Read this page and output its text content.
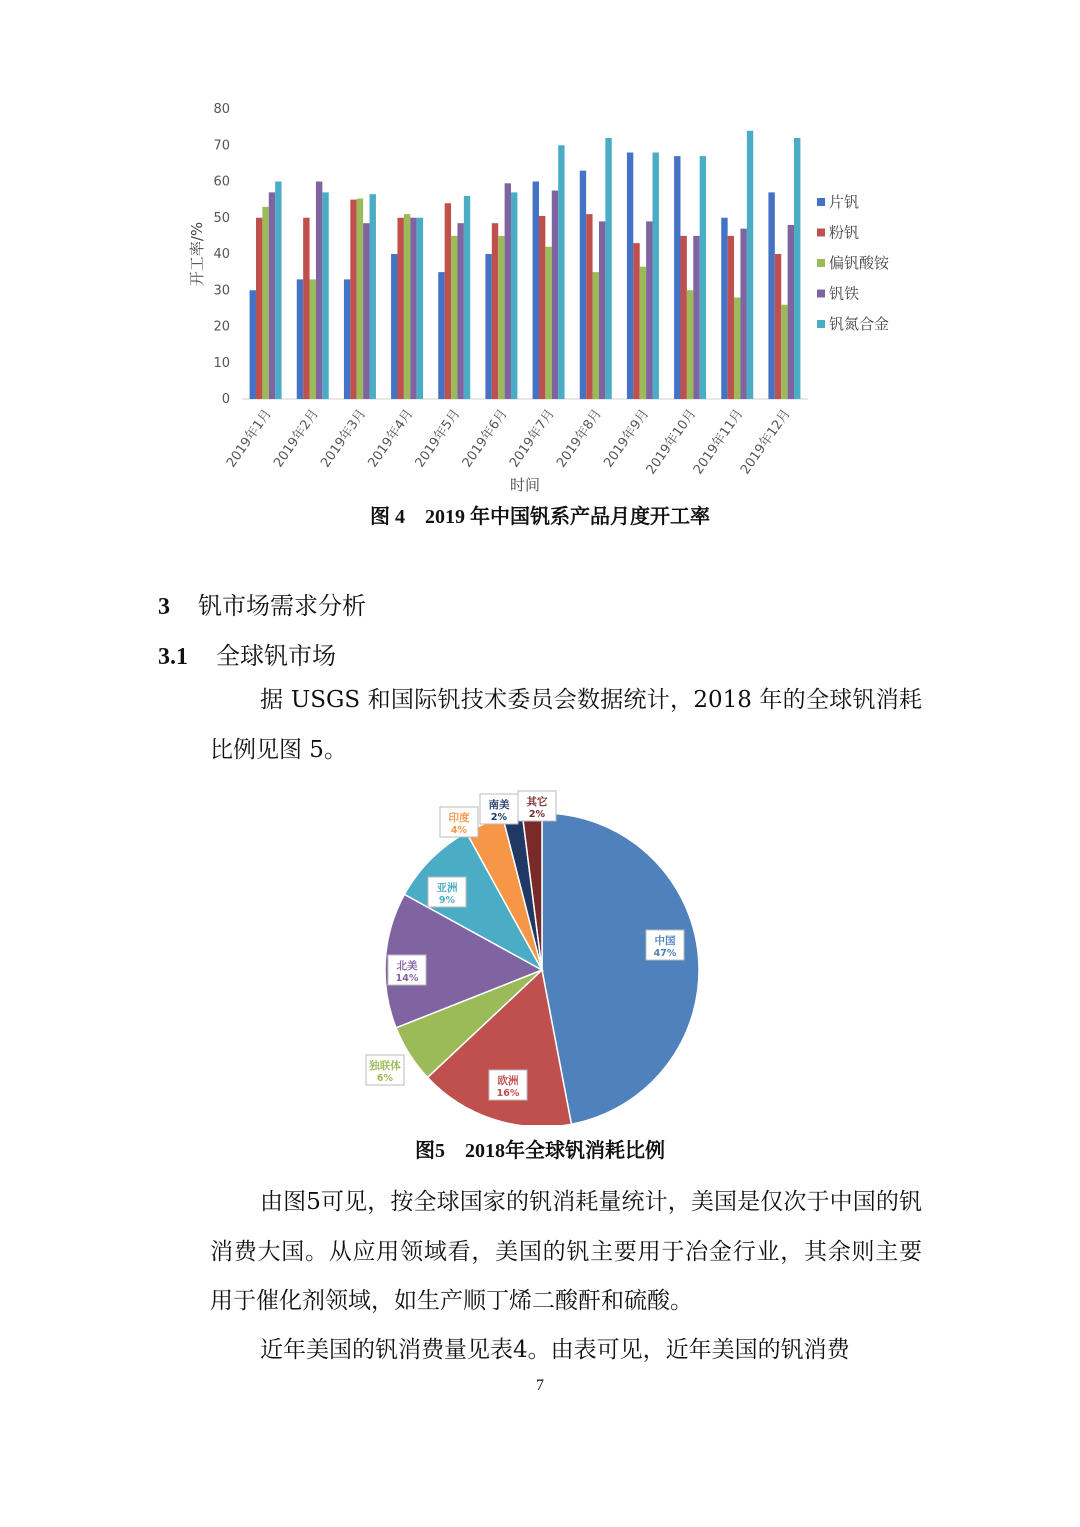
0
10
20
30
40
50
60
70
80
2019年1月
2019年2月
2019年3月
2019年4月
2019年5月
2019年6月
2019年7月
2019年8月
2019年9月
2019年10月
2019年11月
2019年12月
开工率/%
时间
片钒
粉钒
偏钒酸铵
钒铁
钒氮合金
图 4　2019 年中国钒系产品月度开工率
3 钒市场需求分析
3.1 全球钒市场

据 USGS 和国际钒技术委员会数据统计，2018 年的全球钒消耗比例见图 5。

中国
47%
欧洲
16%
独联体
6%
北美
14%
亚洲
9%
印度
4%
南美
2%
其它
2%
图5　2018年全球钒消耗比例

由图5可见，按全球国家的钒消耗量统计，美国是仅次于中国的钒消费大国。从应用领域看，美国的钒主要用于冶金行业，其余则主要用于催化剂领域，如生产顺丁烯二酸酐和硫酸。

近年美国的钒消费量见表4。由表可见，近年美国的钒消费

7
